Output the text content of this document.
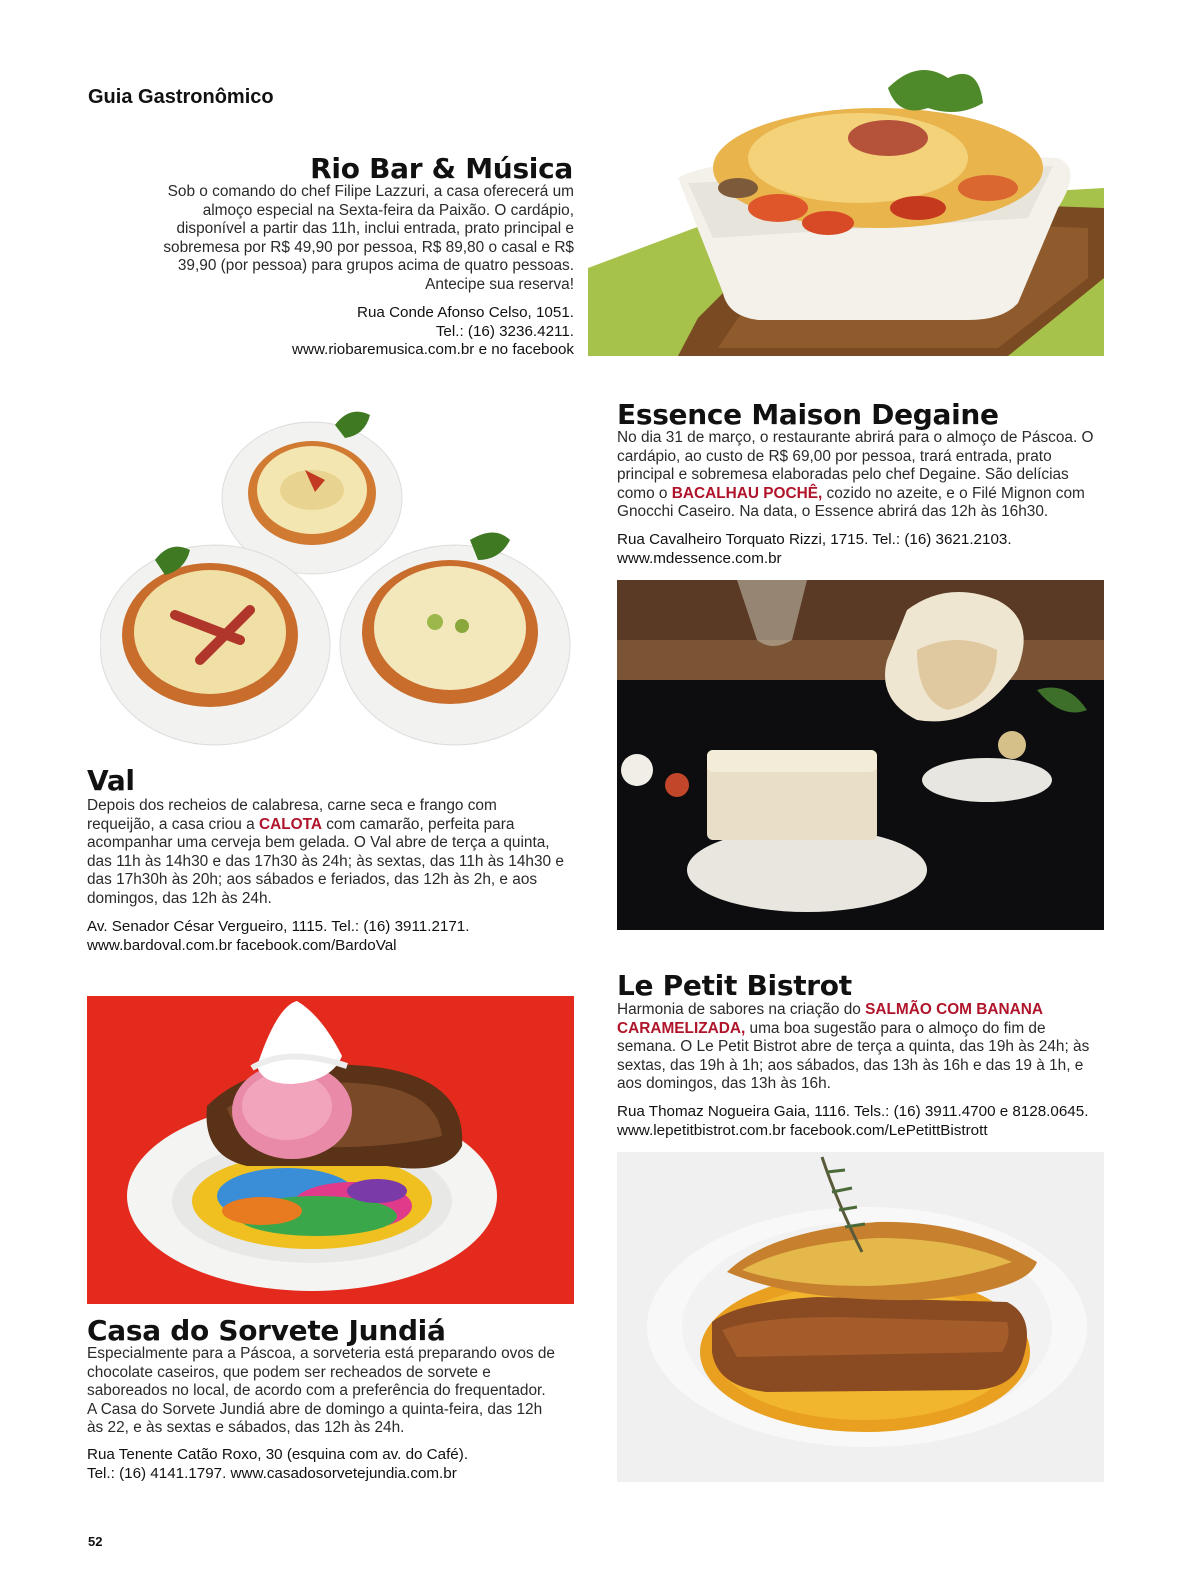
Guia Gastronômico
Rio Bar & Música
Sob o comando do chef Filipe Lazzuri, a casa oferecerá um almoço especial na Sexta-feira da Paixão. O cardápio, disponível a partir das 11h, inclui entrada, prato principal e sobremesa por R$ 49,90 por pessoa, R$ 89,80 o casal e R$ 39,90 (por pessoa) para grupos acima de quatro pessoas. Antecipe sua reserva!

Rua Conde Afonso Celso, 1051.

Tel.: (16) 3236.4211.

www.riobaremusica.com.br e no facebook

Essence Maison Degaine
No dia 31 de março, o restaurante abrirá para o almoço de Páscoa. O cardápio, ao custo de R$ 69,00 por pessoa, trará entrada, prato principal e sobremesa elaboradas pelo chef Degaine. São delícias como o BACALHAU POCHÊ, cozido no azeite, e o Filé Mignon com Gnocchi Caseiro. Na data, o Essence abrirá das 12h às 16h30.

Rua Cavalheiro Torquato Rizzi, 1715. Tel.: (16) 3621.2103.

www.mdessence.com.br

Val
Depois dos recheios de calabresa, carne seca e frango com requeijão, a casa criou a CALOTA com camarão, perfeita para acompanhar uma cerveja bem gelada. O Val abre de terça a quinta, das 11h às 14h30 e das 17h30 às 24h; às sextas, das 11h às 14h30 e das 17h30h às 20h; aos sábados e feriados, das 12h às 2h, e aos domingos, das 12h às 24h.

Av. Senador César Vergueiro, 1115. Tel.: (16) 3911.2171.

www.bardoval.com.br facebook.com/BardoVal

Casa do Sorvete Jundiá
Especialmente para a Páscoa, a sorveteria está preparando ovos de chocolate caseiros, que podem ser recheados de sorvete e saboreados no local, de acordo com a preferência do frequentador. A Casa do Sorvete Jundiá abre de domingo a quinta-feira, das 12h às 22, e às sextas e sábados, das 12h às 24h.

Rua Tenente Catão Roxo, 30 (esquina com av. do Café).

Tel.: (16) 4141.1797. www.casadosorvetejundia.com.br

Le Petit Bistrot
Harmonia de sabores na criação do SALMÃO COM BANANA CARAMELIZADA, uma boa sugestão para o almoço do fim de semana. O Le Petit Bistrot abre de terça a quinta, das 19h às 24h; às sextas, das 19h à 1h; aos sábados, das 13h às 16h e das 19 à 1h, e aos domingos, das 13h às 16h.

Rua Thomaz Nogueira Gaia, 1116. Tels.: (16) 3911.4700 e 8128.0645.

www.lepetitbistrot.com.br facebook.com/LePetittBistrott

52
